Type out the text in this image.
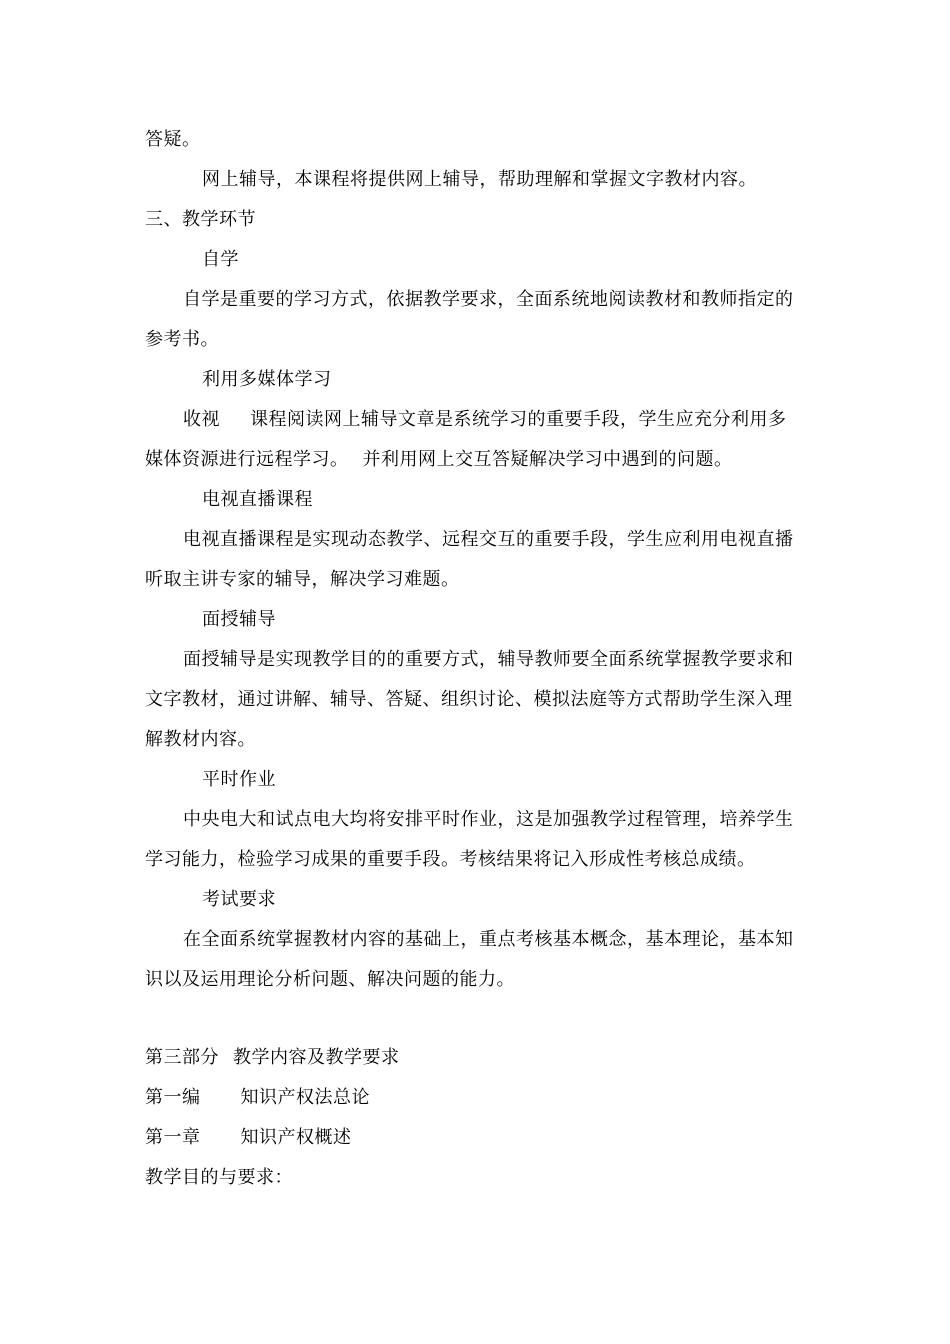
答疑。
网上辅导，本课程将提供网上辅导，帮助理解和掌握文字教材内容。
三、教学环节
自学
自学是重要的学习方式，依据教学要求，全面系统地阅读教材和教师指定的
参考书。
利用多媒体学习
收视 课程阅读网上辅导文章是系统学习的重要手段，学生应充分利用多
媒体资源进行远程学习。 并利用网上交互答疑解决学习中遇到的问题。
电视直播课程
电视直播课程是实现动态教学、远程交互的重要手段，学生应利用电视直播
听取主讲专家的辅导，解决学习难题。
面授辅导
面授辅导是实现教学目的的重要方式，辅导教师要全面系统掌握教学要求和
文字教材，通过讲解、辅导、答疑、组织讨论、模拟法庭等方式帮助学生深入理
解教材内容。
平时作业
中央电大和试点电大均将安排平时作业，这是加强教学过程管理，培养学生
学习能力，检验学习成果的重要手段。考核结果将记入形成性考核总成绩。
考试要求
在全面系统掌握教材内容的基础上，重点考核基本概念，基本理论，基本知
识以及运用理论分析问题、解决问题的能力。
第三部分 教学内容及教学要求
第一编 知识产权法总论
第一章 知识产权概述
教学目的与要求：
